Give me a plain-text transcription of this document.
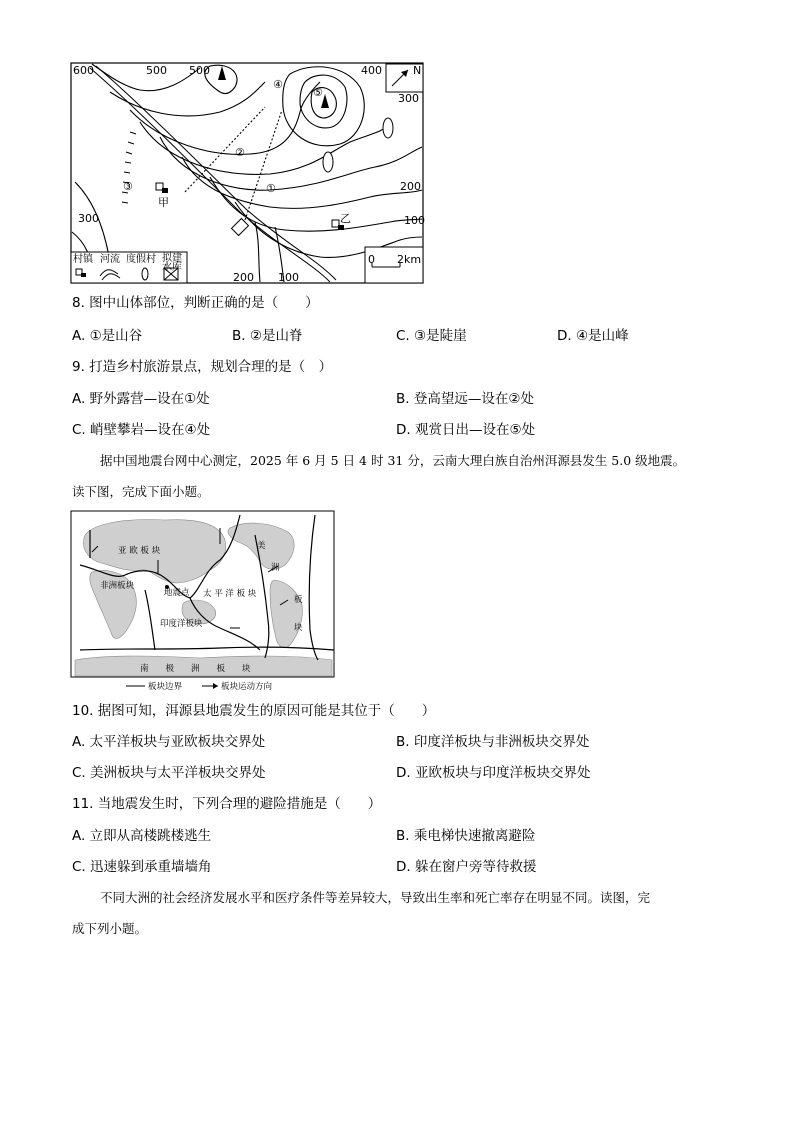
600	500 500	400
300
300
200
100
200 100
①
②
③
④
⑤
甲
乙
N
0 2km
村镇 河流 度假村 拟建
水库
8. 图中山体部位，判断正确的是（　　）
A. ①是山谷	B. ②是山脊	C. ③是陡崖	D. ④是山峰
9. 打造乡村旅游景点，规划合理的是（　）
A. 野外露营—设在①处	B. 登高望远—设在②处
C. 峭壁攀岩—设在④处	D. 观赏日出—设在⑤处
据中国地震台网中心测定，2025 年 6 月 5 日 4 时 31 分，云南大理白族自治州洱源县发生 5.0 级地震。
读下图，完成下面小题。
亚 欧 板 块	美
洲
非洲板块
地震点 太 平 洋 板 块
板
块
印度洋板块
南　　极　　洲　　板　　块
板块边界	板块运动方向
10. 据图可知，洱源县地震发生的原因可能是其位于（　　）
A. 太平洋板块与亚欧板块交界处	B. 印度洋板块与非洲板块交界处
C. 美洲板块与太平洋板块交界处	D. 亚欧板块与印度洋板块交界处
11. 当地震发生时，下列合理的避险措施是（　　）
A. 立即从高楼跳楼逃生	B. 乘电梯快速撤离避险
C. 迅速躲到承重墙墙角	D. 躲在窗户旁等待救援
不同大洲的社会经济发展水平和医疗条件等差异较大，导致出生率和死亡率存在明显不同。读图，完
成下列小题。
